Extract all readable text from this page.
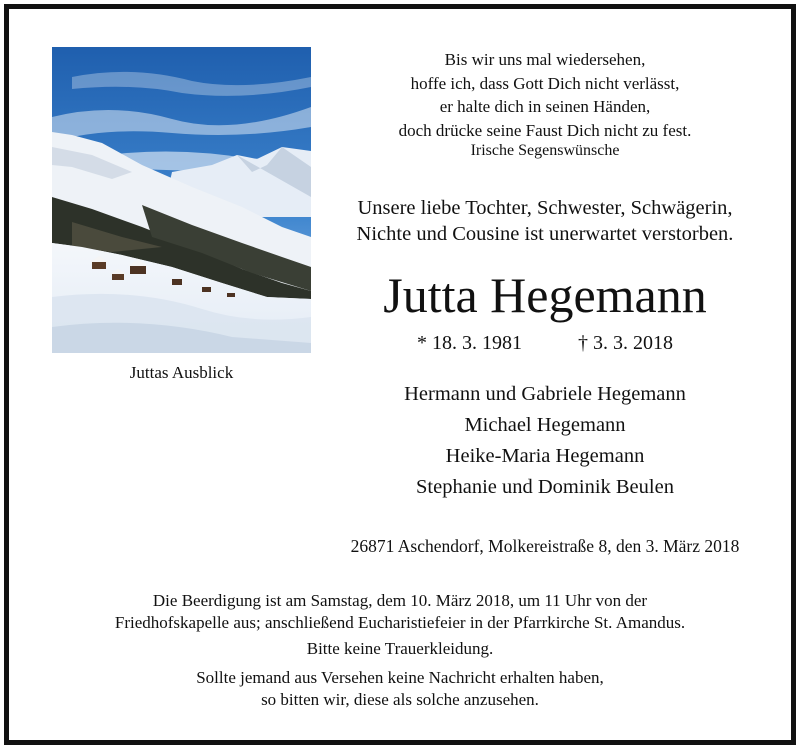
Juttas Ausblick
Bis wir uns mal wiedersehen,
hoffe ich, dass Gott Dich nicht verlässt,
er halte dich in seinen Händen,
doch drücke seine Faust Dich nicht zu fest.
Irische Segenswünsche
Unsere liebe Tochter, Schwester, Schwägerin,
Nichte und Cousine ist unerwartet verstorben.
Jutta Hegemann
* 18. 3. 1981	† 3. 3. 2018
Hermann und Gabriele Hegemann
Michael Hegemann
Heike-Maria Hegemann
Stephanie und Dominik Beulen
26871 Aschendorf, Molkereistraße 8, den 3. März 2018
Die Beerdigung ist am Samstag, dem 10. März 2018, um 11 Uhr von der
Friedhofskapelle aus; anschließend Eucharistiefeier in der Pfarrkirche St. Amandus.
Bitte keine Trauerkleidung.
Sollte jemand aus Versehen keine Nachricht erhalten haben,
so bitten wir, diese als solche anzusehen.
